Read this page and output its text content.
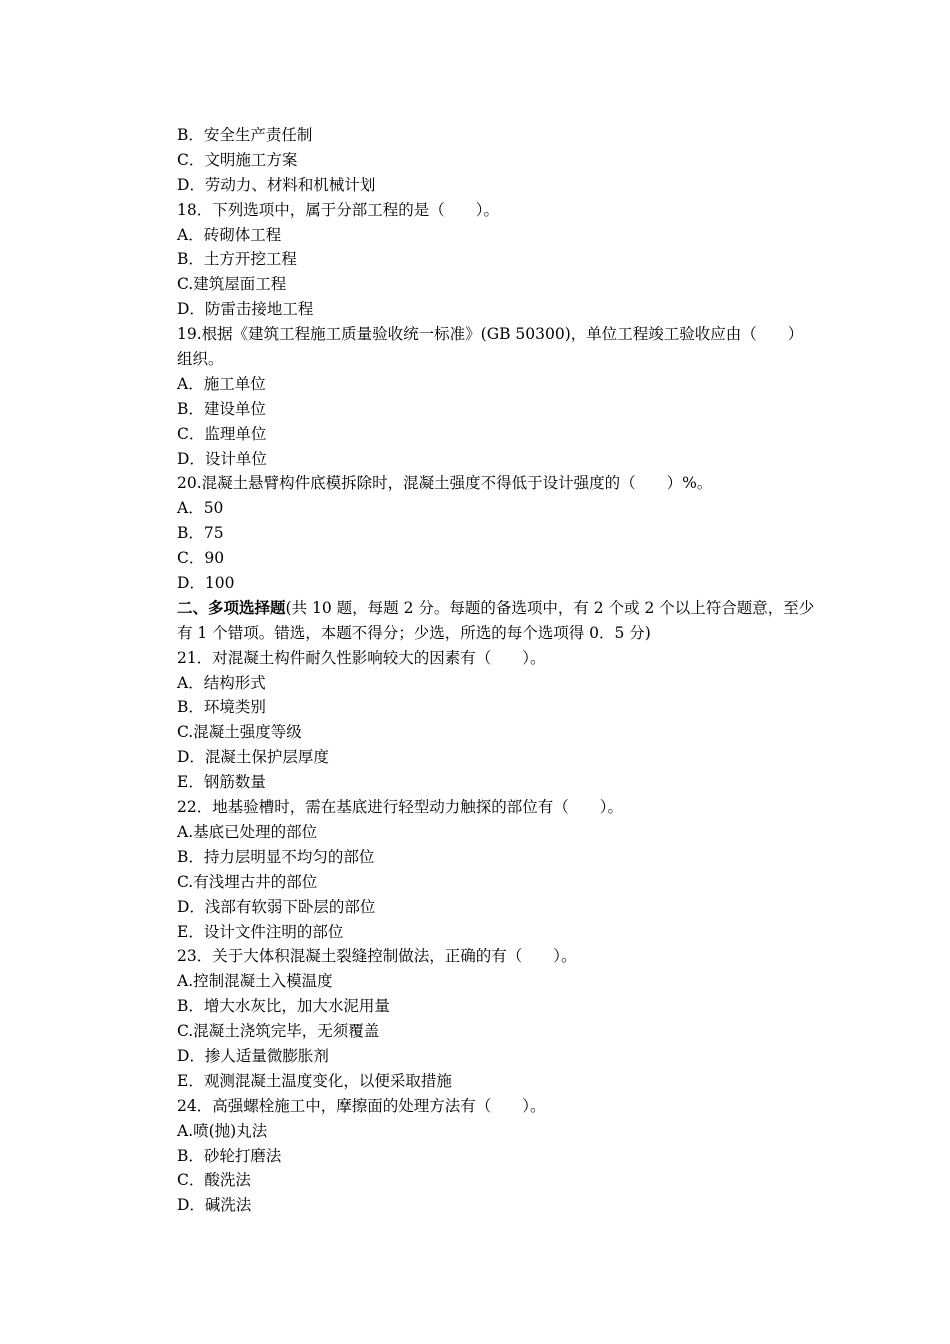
B．安全生产责任制
C．文明施工方案
D．劳动力、材料和机械计划
18．下列选项中，属于分部工程的是（　　）。
A．砖砌体工程
B．土方开挖工程
C.建筑屋面工程
D．防雷击接地工程
19.根据《建筑工程施工质量验收统一标准》(GB 50300)，单位工程竣工验收应由（　　）
组织。
A．施工单位
B．建设单位
C．监理单位
D．设计单位
20.混凝土悬臂构件底模拆除时，混凝土强度不得低于设计强度的（　　）%。
A．50
B．75
C．90
D．100
二、多项选择题(共 10 题，每题 2 分。每题的备选项中，有 2 个或 2 个以上符合题意，至少
有 1 个错项。错选，本题不得分；少选，所选的每个选项得 0．5 分)
21．对混凝土构件耐久性影响较大的因素有（　　）。
A．结构形式
B．环境类别
C.混凝土强度等级
D．混凝土保护层厚度
E．钢筋数量
22．地基验槽时，需在基底进行轻型动力触探的部位有（　　）。
A.基底已处理的部位
B．持力层明显不均匀的部位
C.有浅埋古井的部位
D．浅部有软弱下卧层的部位
E．设计文件注明的部位
23．关于大体积混凝土裂缝控制做法，正确的有（　　）。
A.控制混凝土入模温度
B．增大水灰比，加大水泥用量
C.混凝土浇筑完毕，无须覆盖
D．掺人适量微膨胀剂
E．观测混凝土温度变化，以便采取措施
24．高强螺栓施工中，摩擦面的处理方法有（　　）。
A.喷(抛)丸法
B．砂轮打磨法
C．酸洗法
D．碱洗法
